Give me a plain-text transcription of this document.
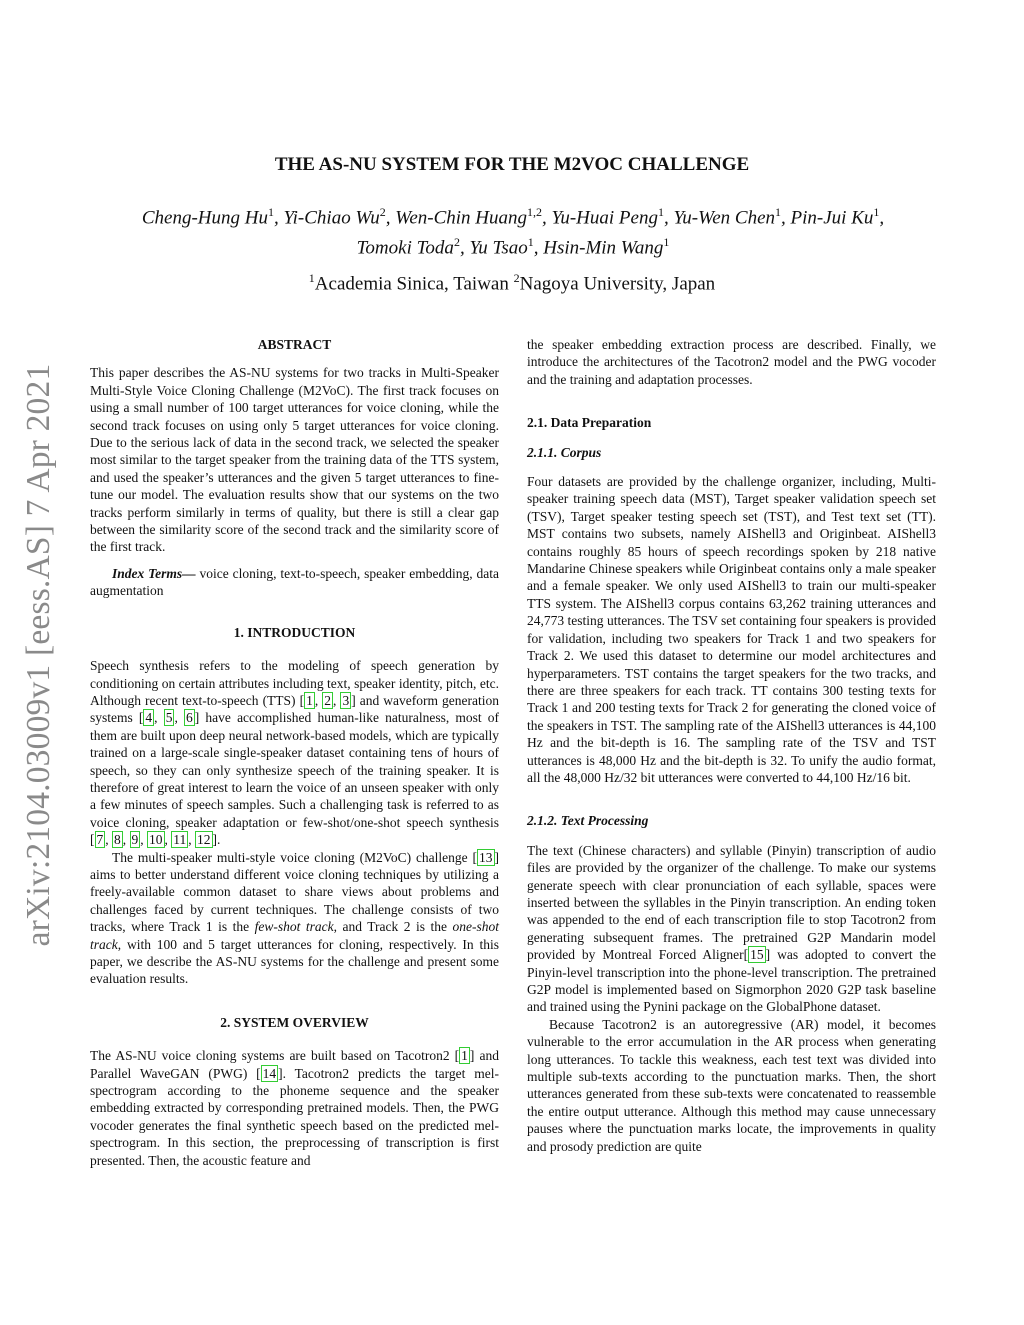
arXiv:2104.03009v1 [eess.AS] 7 Apr 2021
THE AS-NU SYSTEM FOR THE M2VOC CHALLENGE

Cheng-Hung Hu$^1$, Yi-Chiao Wu$^2$, Wen-Chin Huang$^{1,2}$, Yu-Huai Peng$^1$, Yu-Wen Chen$^1$, Pin-Jui Ku$^1$,
Tomoki Toda$^2$, Yu Tsao$^1$, Hsin-Min Wang$^1$

$^1$Academia Sinica, Taiwan $^2$Nagoya University, Japan

ABSTRACT

This paper describes the AS-NU systems for two tracks in Multi-Speaker Multi-Style Voice Cloning Challenge (M2VoC). The first track focuses on using a small number of 100 target utterances for voice cloning, while the second track focuses on using only 5 target utterances for voice cloning. Due to the serious lack of data in the second track, we selected the speaker most similar to the target speaker from the training data of the TTS system, and used the speaker’s utterances and the given 5 target utterances to fine-tune our model. The evaluation results show that our systems on the two tracks perform similarly in terms of quality, but there is still a clear gap between the similarity score of the second track and the similarity score of the first track.

Index Terms— voice cloning, text-to-speech, speaker embedding, data augmentation

1. INTRODUCTION

Speech synthesis refers to the modeling of speech generation by conditioning on certain attributes including text, speaker identity, pitch, etc. Although recent text-to-speech (TTS) [ 1 , 2 , 3 ] and waveform generation systems [ 4 , 5 , 6 ] have accomplished human-like naturalness, most of them are built upon deep neural network-based models, which are typically trained on a large-scale single-speaker dataset containing tens of hours of speech, so they can only synthesize speech of the training speaker. It is therefore of great interest to learn the voice of an unseen speaker with only a few minutes of speech samples. Such a challenging task is referred to as voice cloning, speaker adaptation or few-shot/one-shot speech synthesis [ 7 , 8 , 9 , 10 , 11 , 12 ].

The multi-speaker multi-style voice cloning (M2VoC) challenge [ 13 ] aims to better understand different voice cloning techniques by utilizing a freely-available common dataset to share views about problems and challenges faced by current techniques. The challenge consists of two tracks, where Track 1 is the few-shot track, and Track 2 is the one-shot track, with 100 and 5 target utterances for cloning, respectively. In this paper, we describe the AS-NU systems for the challenge and present some evaluation results.

2. SYSTEM OVERVIEW

The AS-NU voice cloning systems are built based on Tacotron2 [ 1 ] and Parallel WaveGAN (PWG) [ 14 ]. Tacotron2 predicts the target mel-spectrogram according to the phoneme sequence and the speaker embedding extracted by corresponding pretrained models. Then, the PWG vocoder generates the final synthetic speech based on the predicted mel-spectrogram. In this section, the preprocessing of transcription is first presented. Then, the acoustic feature and

the speaker embedding extraction process are described. Finally, we introduce the architectures of the Tacotron2 model and the PWG vocoder and the training and adaptation processes.

2.1. Data Preparation
2.1.1. Corpus

Four datasets are provided by the challenge organizer, including, Multi-speaker training speech data (MST), Target speaker validation speech set (TSV), Target speaker testing speech set (TST), and Test text set (TT). MST contains two subsets, namely AIShell3 and Originbeat. AIShell3 contains roughly 85 hours of speech recordings spoken by 218 native Mandarine Chinese speakers while Originbeat contains only a male speaker and a female speaker. We only used AIShell3 to train our multi-speaker TTS system. The AIShell3 corpus contains 63,262 training utterances and 24,773 testing utterances. The TSV set containing four speakers is provided for validation, including two speakers for Track 1 and two speakers for Track 2. We used this dataset to determine our model architectures and hyperparameters. TST contains the target speakers for the two tracks, and there are three speakers for each track. TT contains 300 testing texts for Track 1 and 200 testing texts for Track 2 for generating the cloned voice of the speakers in TST. The sampling rate of the AIShell3 utterances is 44,100 Hz and the bit-depth is 16. The sampling rate of the TSV and TST utterances is 48,000 Hz and the bit-depth is 32. To unify the audio format, all the 48,000 Hz/32 bit utterances were converted to 44,100 Hz/16 bit.

2.1.2. Text Processing

The text (Chinese characters) and syllable (Pinyin) transcription of audio files are provided by the organizer of the challenge. To make our systems generate speech with clear pronunciation of each syllable, spaces were inserted between the syllables in the Pinyin transcription. An ending token was appended to the end of each transcription file to stop Tacotron2 from generating subsequent frames. The pretrained G2P Mandarin model provided by Montreal Forced Aligner[ 15 ] was adopted to convert the Pinyin-level transcription into the phone-level transcription. The pretrained G2P model is implemented based on Sigmorphon 2020 G2P task baseline and trained using the Pynini package on the GlobalPhone dataset.

Because Tacotron2 is an autoregressive (AR) model, it becomes vulnerable to the error accumulation in the AR process when generating long utterances. To tackle this weakness, each test text was divided into multiple sub-texts according to the punctuation marks. Then, the short utterances generated from these sub-texts were concatenated to reassemble the entire output utterance. Although this method may cause unnecessary pauses where the punctuation marks locate, the improvements in quality and prosody prediction are quite
